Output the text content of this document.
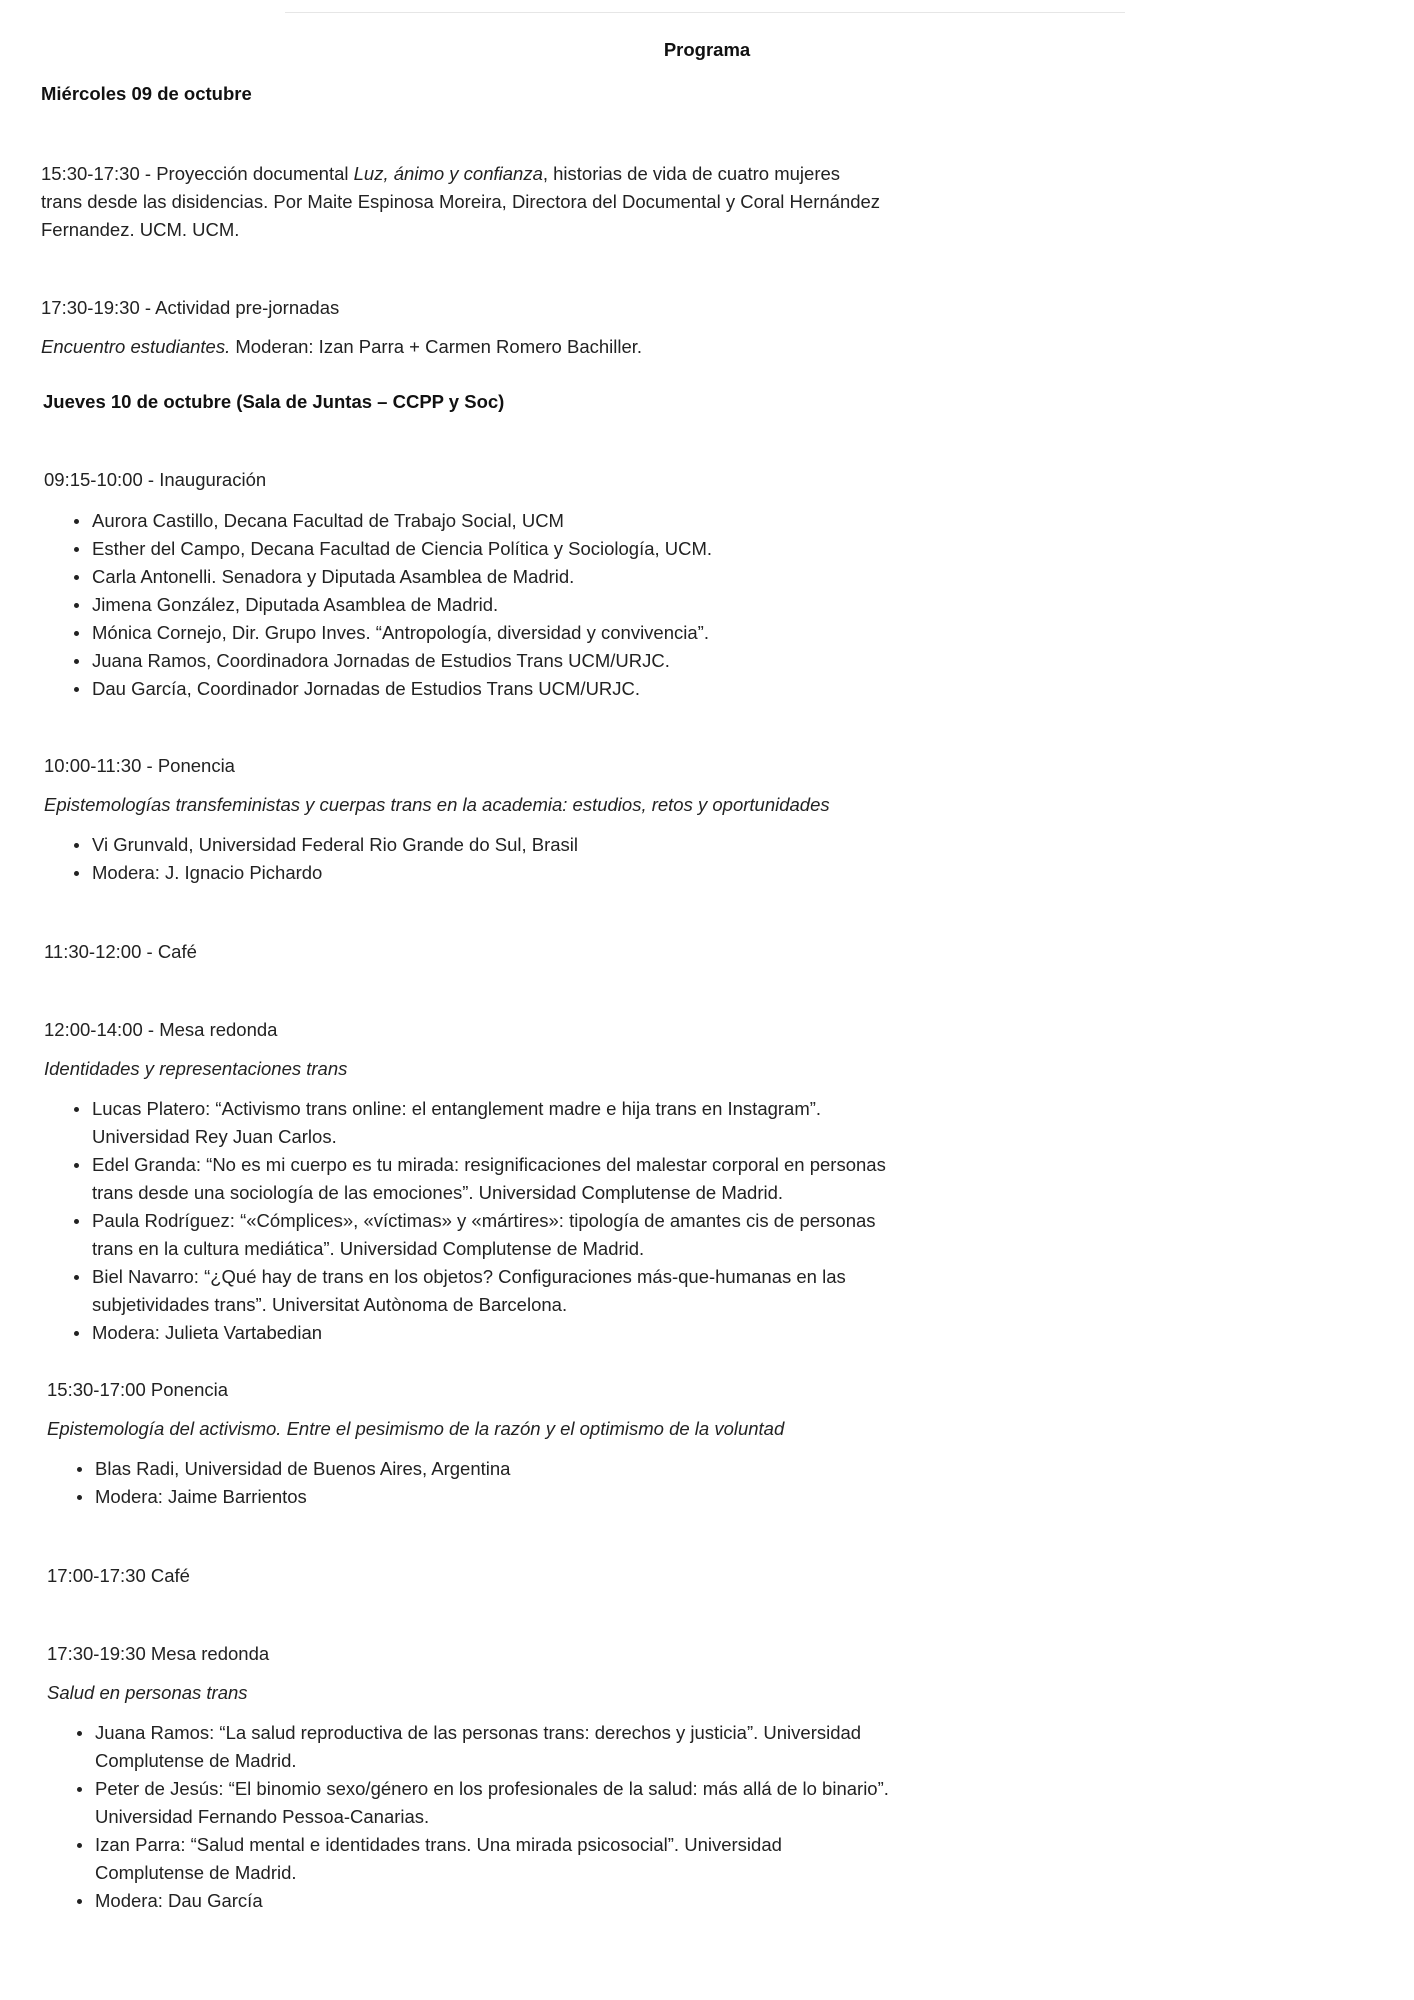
Programa
Miércoles 09 de octubre
15:30-17:30 - Proyección documental Luz, ánimo y confianza, historias de vida de cuatro mujeres
trans desde las disidencias. Por Maite Espinosa Moreira, Directora del Documental y Coral Hernández
Fernandez. UCM. UCM.
17:30-19:30 - Actividad pre-jornadas
Encuentro estudiantes. Moderan: Izan Parra + Carmen Romero Bachiller.
Jueves 10 de octubre (Sala de Juntas – CCPP y Soc)
09:15-10:00 - Inauguración
Aurora Castillo, Decana Facultad de Trabajo Social, UCM
Esther del Campo, Decana Facultad de Ciencia Política y Sociología, UCM.
Carla Antonelli. Senadora y Diputada Asamblea de Madrid.
Jimena González, Diputada Asamblea de Madrid.
Mónica Cornejo, Dir. Grupo Inves. “Antropología, diversidad y convivencia”.
Juana Ramos, Coordinadora Jornadas de Estudios Trans UCM/URJC.
Dau García, Coordinador Jornadas de Estudios Trans UCM/URJC.
10:00-11:30 - Ponencia
Epistemologías transfeministas y cuerpas trans en la academia: estudios, retos y oportunidades
Vi Grunvald, Universidad Federal Rio Grande do Sul, Brasil
Modera: J. Ignacio Pichardo
11:30-12:00 - Café
12:00-14:00 - Mesa redonda
Identidades y representaciones trans
Lucas Platero: “Activismo trans online: el entanglement madre e hija trans en Instagram”.
Universidad Rey Juan Carlos.
Edel Granda: “No es mi cuerpo es tu mirada: resignificaciones del malestar corporal en personas
trans desde una sociología de las emociones”. Universidad Complutense de Madrid.
Paula Rodríguez: “«Cómplices», «víctimas» y «mártires»: tipología de amantes cis de personas
trans en la cultura mediática”. Universidad Complutense de Madrid.
Biel Navarro: “¿Qué hay de trans en los objetos? Configuraciones más-que-humanas en las
subjetividades trans”. Universitat Autònoma de Barcelona.
Modera: Julieta Vartabedian
15:30-17:00 Ponencia
Epistemología del activismo. Entre el pesimismo de la razón y el optimismo de la voluntad
Blas Radi, Universidad de Buenos Aires, Argentina
Modera: Jaime Barrientos
17:00-17:30 Café
17:30-19:30 Mesa redonda
Salud en personas trans
Juana Ramos: “La salud reproductiva de las personas trans: derechos y justicia”. Universidad
Complutense de Madrid.
Peter de Jesús: “El binomio sexo/género en los profesionales de la salud: más allá de lo binario”.
Universidad Fernando Pessoa-Canarias.
Izan Parra: “Salud mental e identidades trans. Una mirada psicosocial”. Universidad
Complutense de Madrid.
Modera: Dau García
